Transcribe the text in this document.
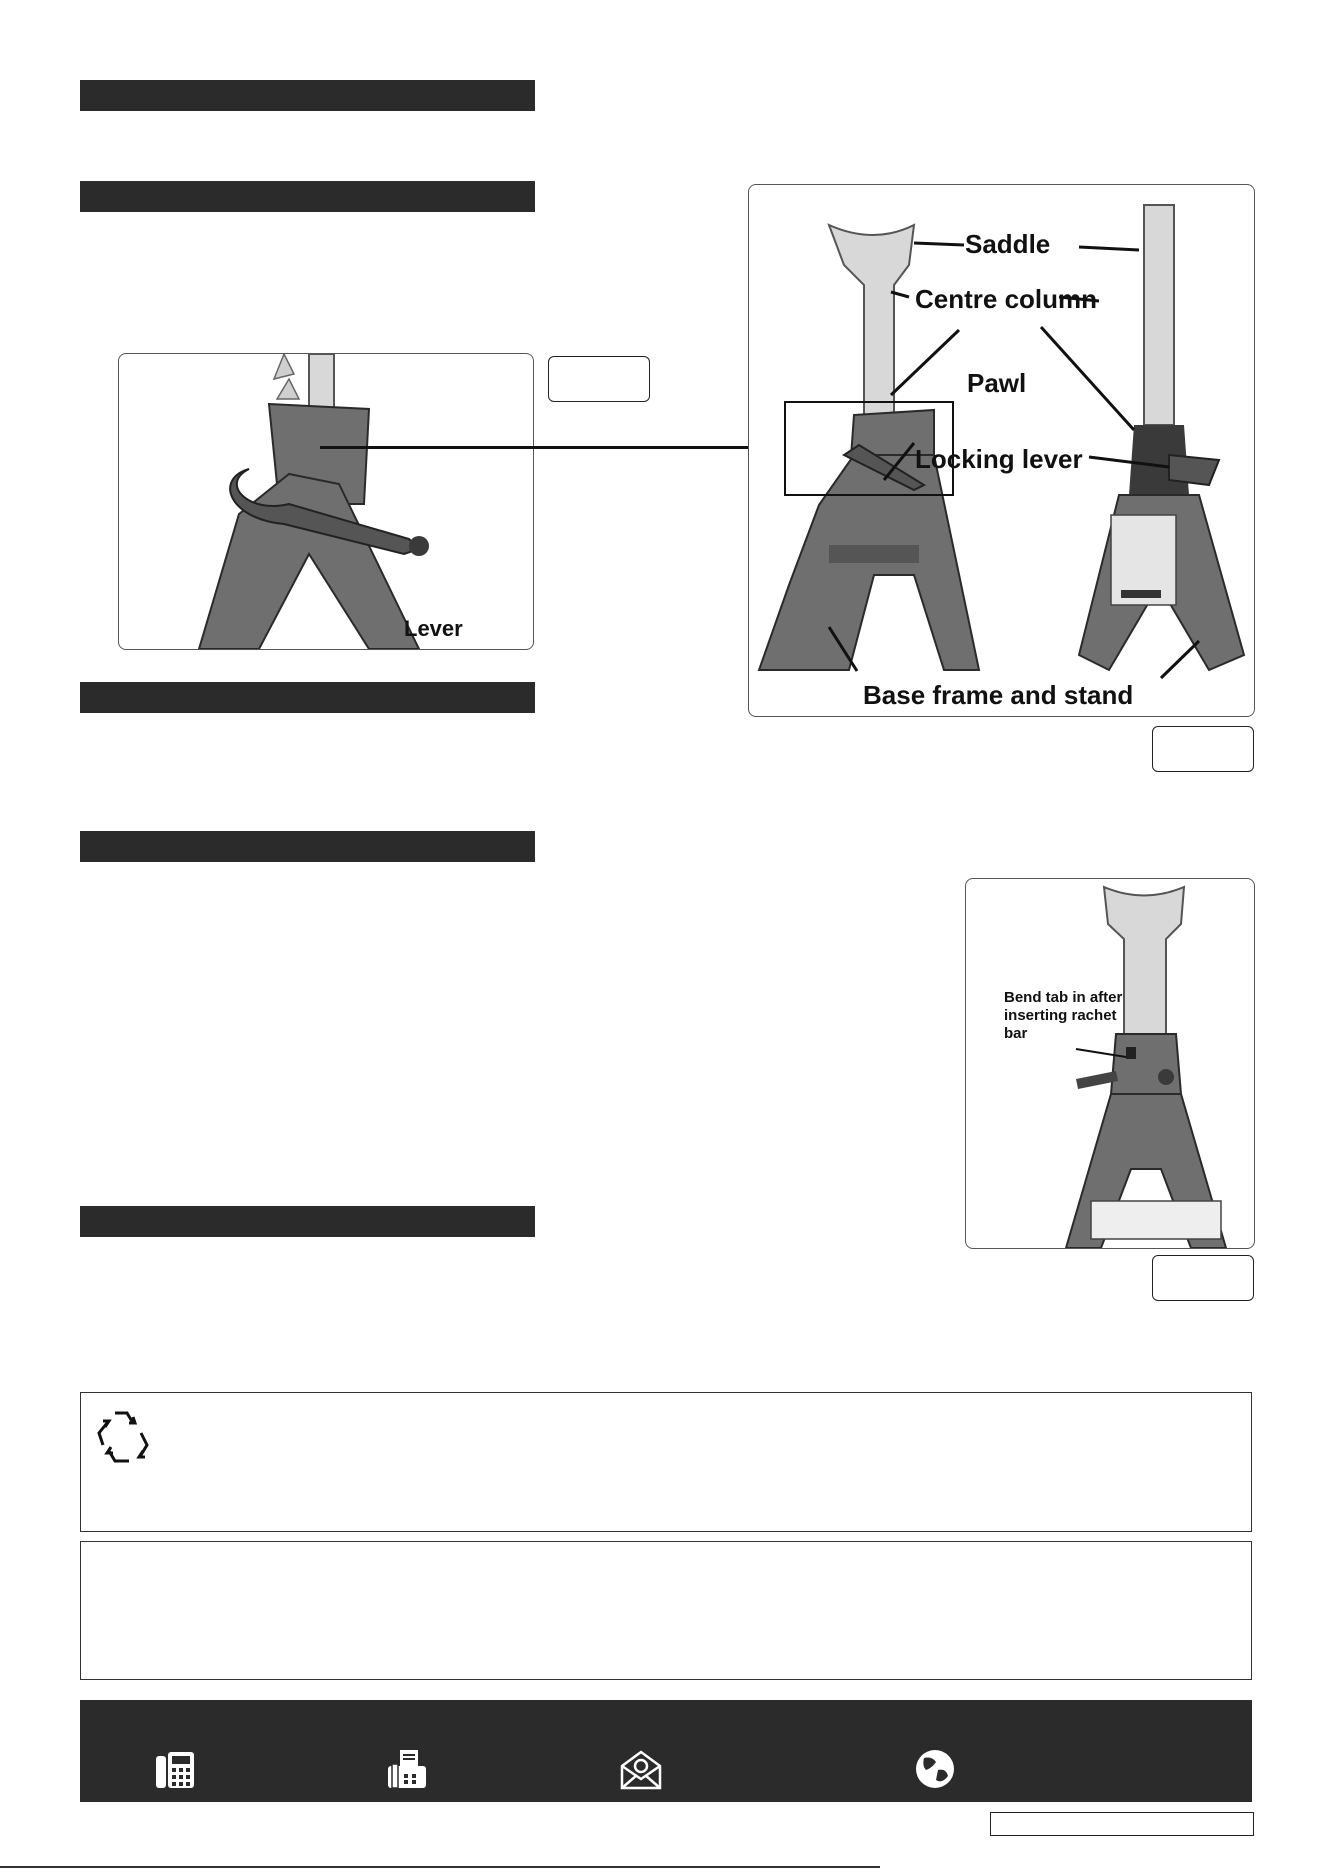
Lever
Saddle
Centre column
Pawl
Locking lever
Base frame and stand
Bend tab in after inserting rachet bar
